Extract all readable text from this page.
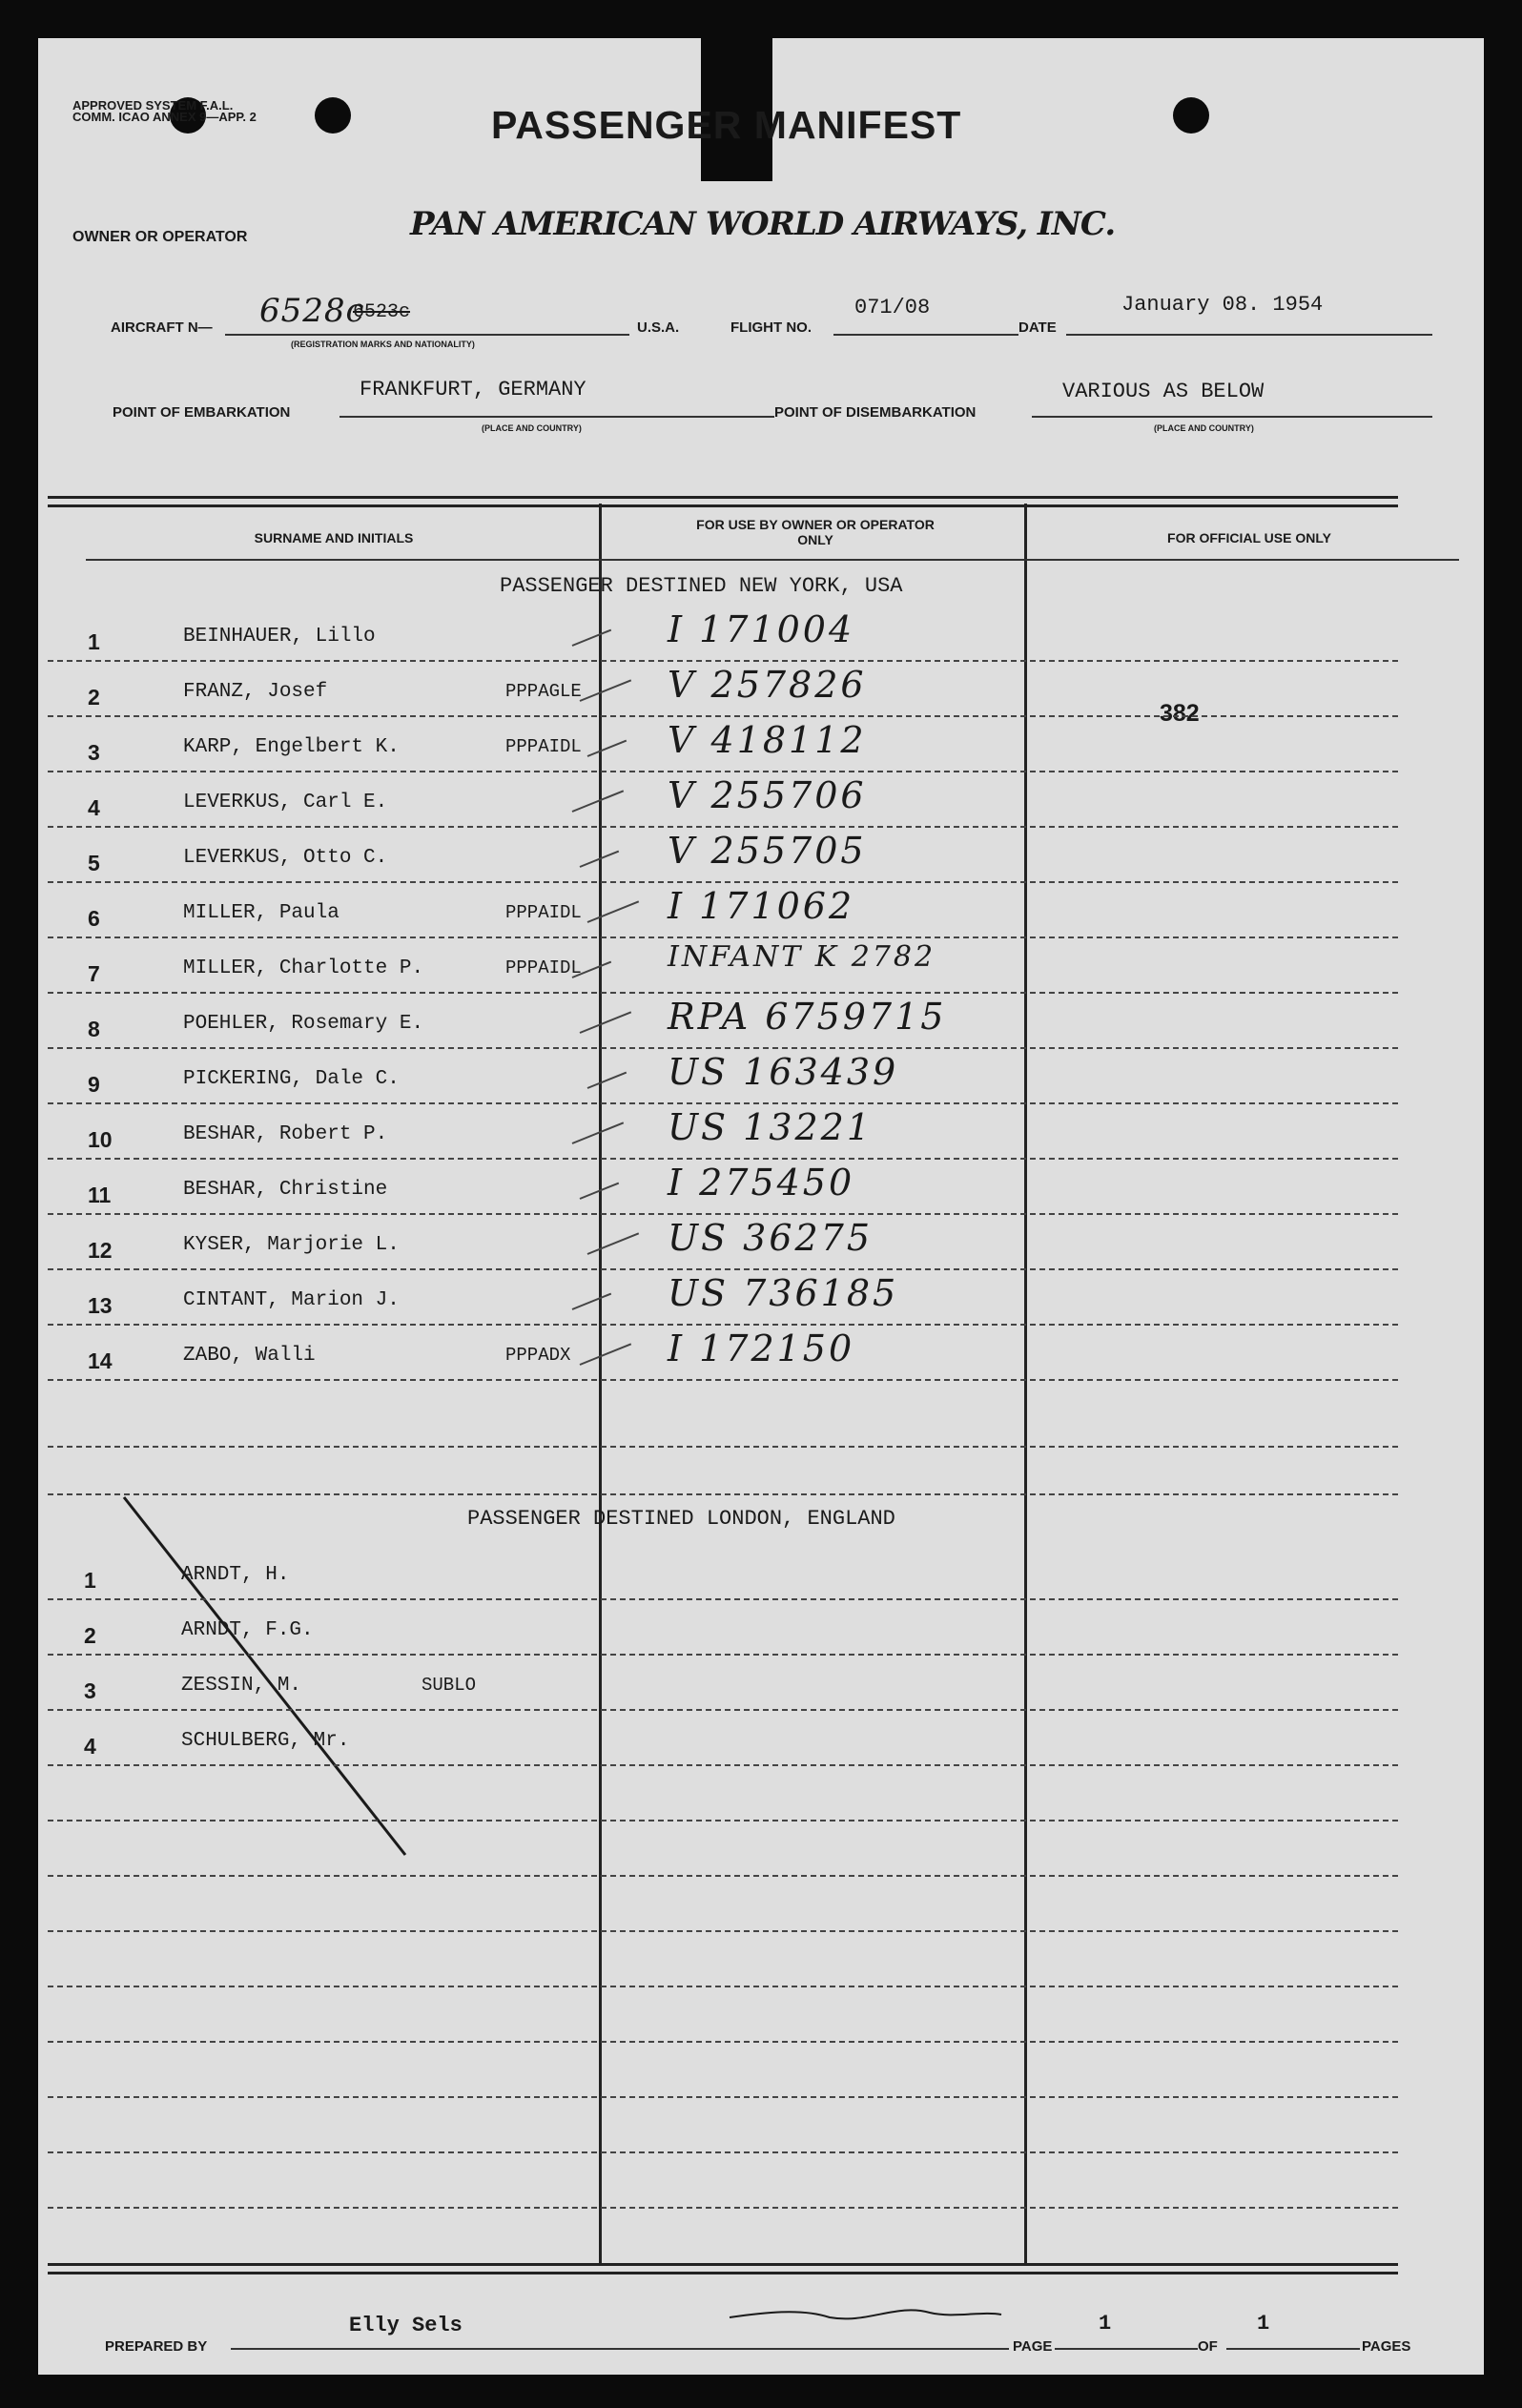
APPROVED SYSTEM F.A.L. COMM. ICAO ANNEX 9—APP. 2	PASSENGER MANIFEST
OWNER OR OPERATOR	PAN AMERICAN WORLD AIRWAYS, INC.
AIRCRAFT N— 6528c
6523c
(REGISTRATION MARKS AND NATIONALITY)
U.S.A.	FLIGHT NO.
071/08
DATE
January 08. 1954
POINT OF EMBARKATION
FRANKFURT, GERMANY
(PLACE AND COUNTRY)
POINT OF DISEMBARKATION
VARIOUS AS BELOW
(PLACE AND COUNTRY)
SURNAME AND INITIALS
FOR USE BY OWNER OR OPERATOR ONLY	FOR OFFICIAL USE ONLY
PASSENGER DESTINED NEW YORK, USA
382
PASSENGER DESTINED LONDON, ENGLAND
PREPARED BY
Elly Sels
PAGE
1
OF
1
PAGES
1	BEINHAUER, Lillo	I 171004
2	FRANZ, Josef	PPPAGLE V 257826
3	KARP, Engelbert K.	PPPAIDL V 418112
4	LEVERKUS, Carl E.	V 255706
5	LEVERKUS, Otto C.	V 255705
6	MILLER, Paula	PPPAIDL I 171062
7	MILLER, Charlotte P.	PPPAIDL	INFANT K 2782
8	POEHLER, Rosemary E.	RPA 6759715
9	PICKERING, Dale C.	US 163439
10	BESHAR, Robert P.	US 13221
11	BESHAR, Christine	I 275450
12	KYSER, Marjorie L.	US 36275
13	CINTANT, Marion J.	US 736185
14	ZABO, Walli	PPPADX	I 172150
1	ARNDT, H.
2	ARNDT, F.G.
3	ZESSIN, M.	SUBLO
4	SCHULBERG, Mr.
